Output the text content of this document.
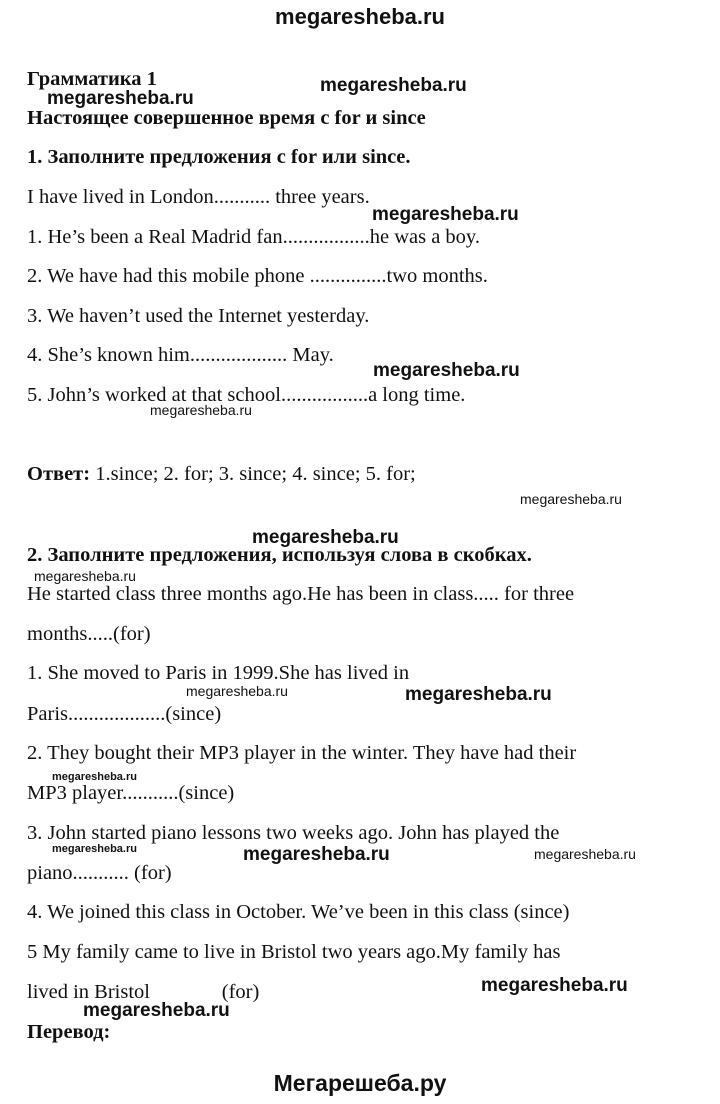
megaresheba.ru
Мегарешеба.ру
Грамматика 1
Настоящее совершенное время с for и since
1. Заполните предложения с for или since.
I have lived in London........... three years.
1. He’s been a Real Madrid fan.................he was a boy.
2. We have had this mobile phone ...............two months.
3. We haven’t used the Internet yesterday.
4. She’s known him................... May.
5. John’s worked at that school.................a long time.
Ответ: 1.since; 2. for; 3. since; 4. since; 5. for;
2. Заполните предложения, используя слова в скобках.
He started class three months ago.He has been in class..... for three
months.....(for)
1. She moved to Paris in 1999.She has lived in
Paris...................(since)
2. They bought their MP3 player in the winter. They have had their
MP3 player...........(since)
3. John started piano lessons two weeks ago. John has played the
piano........... (for)
4. We joined this class in October. We’ve been in this class (since)
5 My family came to live in Bristol two years ago.My family has
lived in Bristol              (for)
Перевод:
megaresheba.ru
megaresheba.ru
megaresheba.ru
megaresheba.ru
megaresheba.ru
megaresheba.ru
megaresheba.ru
megaresheba.ru
megaresheba.ru	megaresheba.ru
megaresheba.ru
megaresheba.ru	megaresheba.ru	megaresheba.ru
megaresheba.ru
megaresheba.ru
